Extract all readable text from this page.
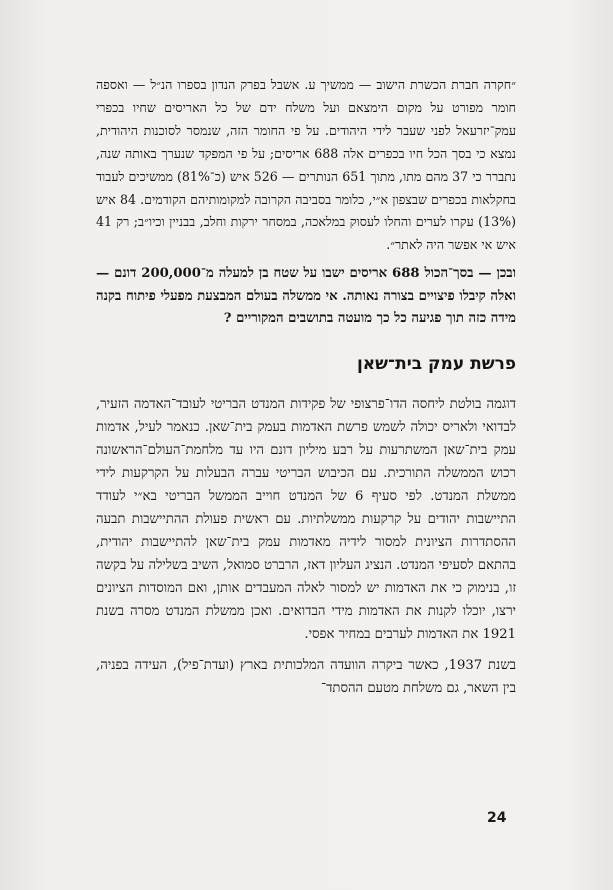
״חקרה חברת הכשרת הישוב — ממשיך ע. אשבל בפרק הנדון בספרו הנ״ל — ואספה חומר מפורט על מקום הימצאם ועל משלח ידם של כל האריסים שחיו בכפרי עמק־יזרעאל לפני שעבר לידי היהודים. על פי החומר הזה, שנמסר לסוכנות היהודית, נמצא כי בסך הכל חיו בכפרים אלה 688 אריסים; על פי המפקד שנערך באותה שנה, נתברר כי 37 מהם מתו, מתוך 651 הנותרים — 526 איש (כ־81%) ממשיכים לעבוד בחקלאות בכפרים שבצפון א״י, כלומר בסביבה הקרובה למקומותיהם הקודמים. 84 איש (13%) עקרו לערים והחלו לעסוק במלאכה, במסחר ירקות וחלב, בבניין וכיו״ב; רק 41 איש אי אפשר היה לאתר״.

ובכן — בסך־הכול 688 אריסים ישבו על שטח בן למעלה מ־200,000 דונם — ואלה קיבלו פיצויים בצורה נאותה. אי ממשלה בעולם המבצעת מפעלי פיתוח בקנה מידה כזה תוך פגיעה כל כך מועטה בתושבים המקוריים ?

פרשת עמק בית־שאן

דוגמה בולטת ליחסה הדו־פרצופי של פקידות המנדט הבריטי לעובד־האדמה הזעיר, לבדואי ולאריס יכולה לשמש פרשת האדמות בעמק בית־שאן. כנאמר לעיל, אדמות עמק בית־שאן המשתרעות על רבע מיליון דונם היו עד מלחמת־העולם־הראשונה רכוש הממשלה התורכית. עם הכיבוש הבריטי עברה הבעלות על הקרקעות לידי ממשלת המנדט. לפי סעיף 6 של המנדט חוייב הממשל הבריטי בא״י לעודד התיישבות יהודים על קרקעות ממשלתיות. עם ראשית פעולת ההתיישבות תבעה ההסתדרות הציונית למסור לידיה מאדמות עמק בית־שאן להתיישבות יהודית, בהתאם לסעיפי המנדט. הנציג העליון דאז, הרברט סמואל, השיב בשלילה על בקשה זו, בנימוק כי את האדמות יש למסור לאלה המעבדים אותן, ואם המוסדות הציונים ירצו, יוכלו לקנות את האדמות מידי הבדואים. ואכן ממשלת המנדט מסרה בשנת 1921 את האדמות לערבים במחיר אפסי.

בשנת 1937, כאשר ביקרה הוועדה המלכותית בארץ (ועדת־פיל), העידה בפניה, בין השאר, גם משלחת מטעם ההסתד־

24
